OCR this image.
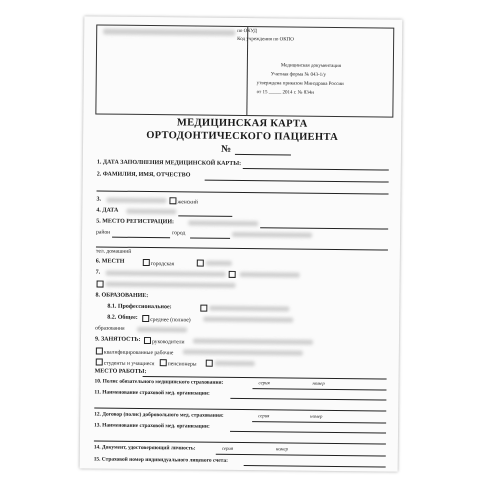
по ОКУД
Код учреждения по ОКПО
Медицинская документация
Учетная форма № 043-1/у
утверждена приказом Минздрава России
от 15 _____ 2014 г. № 834н
МЕДИЦИНСКАЯ КАРТА
ОРТОДОНТИЧЕСКОГО ПАЦИЕНТА
№
1. ДАТА ЗАПОЛНЕНИЯ МЕДИЦИНСКОЙ КАРТЫ:
2. ФАМИЛИЯ, ИМЯ, ОТЧЕСТВО
3.	женский
4. ДАТА
5. МЕСТО РЕГИСТРАЦИИ:
район	город
тел. домашний
6. МЕСТН	городская
7.
8. ОБРАЗОВАНИЕ:
8.1. Профессиональное:
8.2. Общее:	среднее (полное)
образования
9. ЗАНЯТОСТЬ:	руководители
квалифицированные рабочие
студенты и учащиеся	пенсионеры
МЕСТО РАБОТЫ:
10. Полис обязательного медицинского страхования:	серия	номер
11. Наименование страховой мед. организации:
12. Договор (полис) добровольного мед. страхования:	серия	номер
13. Наименование страховой мед. организации:
14. Документ, удостоверяющий личность:	серия	номер
15. Страховой номер индивидуального лицевого счета:
